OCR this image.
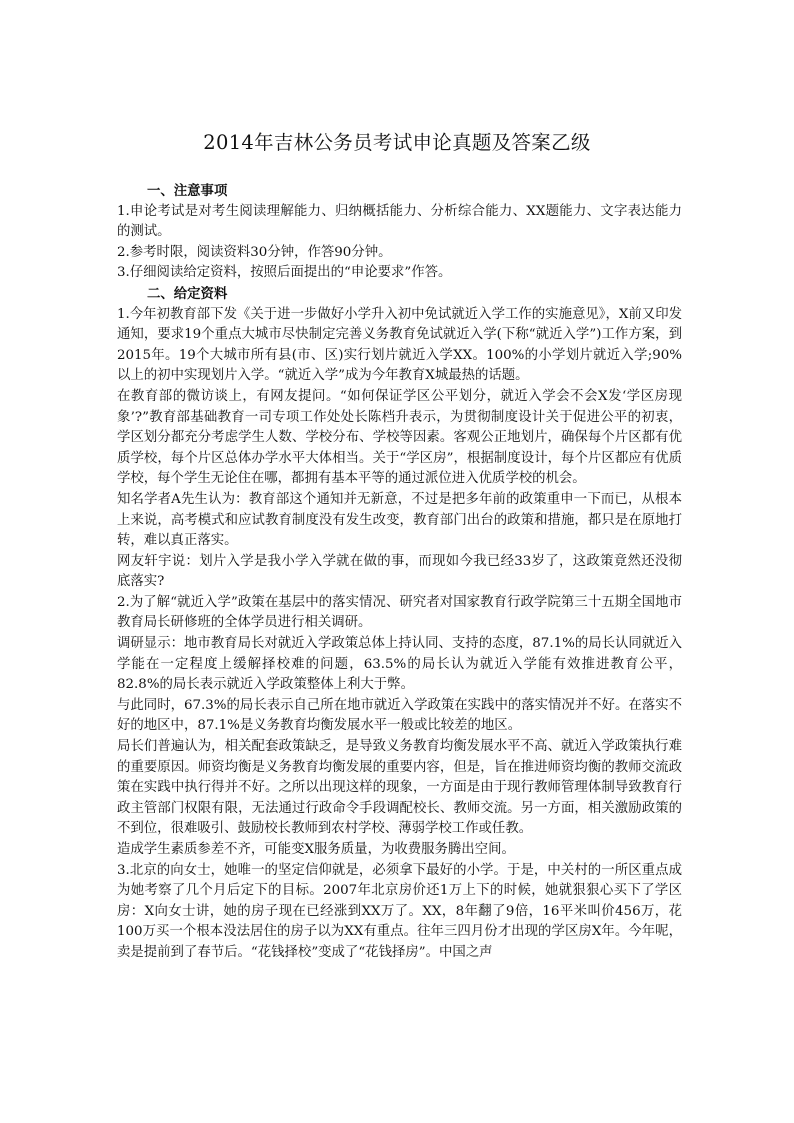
2014年吉林公务员考试申论真题及答案乙级

一、注意事项

1.申论考试是对考生阅读理解能力、归纳概括能力、分析综合能力、XX题能力、文字表达能力的测试。

2.参考时限，阅读资料30分钟，作答90分钟。

3.仔细阅读给定资料，按照后面提出的“申论要求”作答。

二、给定资料

1.今年初教育部下发《关于进一步做好小学升入初中免试就近入学工作的实施意见》，X前又印发通知，要求19个重点大城市尽快制定完善义务教育免试就近入学(下称“就近入学”)工作方案，到2015年。19个大城市所有县(市、区)实行划片就近入学XX。100%的小学划片就近入学;90%以上的初中实现划片入学。“就近入学”成为今年教育X城最热的话题。

在教育部的微访谈上，有网友提问。“如何保证学区公平划分，就近入学会不会X发‘学区房现象’?”教育部基础教育一司专项工作处处长陈档升表示，为贯彻制度设计关于促进公平的初衷，学区划分都充分考虑学生人数、学校分布、学校等因素。客观公正地划片，确保每个片区都有优质学校，每个片区总体办学水平大体相当。关于“学区房”，根据制度设计，每个片区都应有优质学校，每个学生无论住在哪，都拥有基本平等的通过派位进入优质学校的机会。

知名学者A先生认为：教育部这个通知并无新意，不过是把多年前的政策重申一下而已，从根本上来说，高考模式和应试教育制度没有发生改变，教育部门出台的政策和措施，都只是在原地打转，难以真正落实。

网友轩宇说：划片入学是我小学入学就在做的事，而现如今我已经33岁了，这政策竟然还没彻底落实?

2.为了解“就近入学”政策在基层中的落实情况、研究者对国家教育行政学院第三十五期全国地市教育局长研修班的全体学员进行相关调研。

调研显示：地市教育局长对就近入学政策总体上持认同、支持的态度，87.1%的局长认同就近入学能在一定程度上缓解择校难的问题，63.5%的局长认为就近入学能有效推进教育公平，82.8%的局长表示就近入学政策整体上利大于弊。

与此同时，67.3%的局长表示自己所在地市就近入学政策在实践中的落实情况并不好。在落实不好的地区中，87.1%是义务教育均衡发展水平一般或比较差的地区。

局长们普遍认为，相关配套政策缺乏，是导致义务教育均衡发展水平不高、就近入学政策执行难的重要原因。师资均衡是义务教育均衡发展的重要内容，但是，旨在推进师资均衡的教师交流政策在实践中执行得并不好。之所以出现这样的现象，一方面是由于现行教师管理体制导致教育行政主管部门权限有限，无法通过行政命令手段调配校长、教师交流。另一方面，相关激励政策的不到位，很难吸引、鼓励校长教师到农村学校、薄弱学校工作或任教。

造成学生素质参差不齐，可能变X服务质量，为收费服务腾出空间。

3.北京的向女士，她唯一的坚定信仰就是，必须拿下最好的小学。于是，中关村的一所区重点成为她考察了几个月后定下的目标。2007年北京房价还1万上下的时候，她就狠狠心买下了学区房：X向女士讲，她的房子现在已经涨到XX万了。XX，8年翻了9倍，16平米叫价456万，花100万买一个根本没法居住的房子以为XX有重点。往年三四月份才出现的学区房X年。今年呢，卖是提前到了春节后。“花钱择校”变成了“花钱择房”。中国之声
